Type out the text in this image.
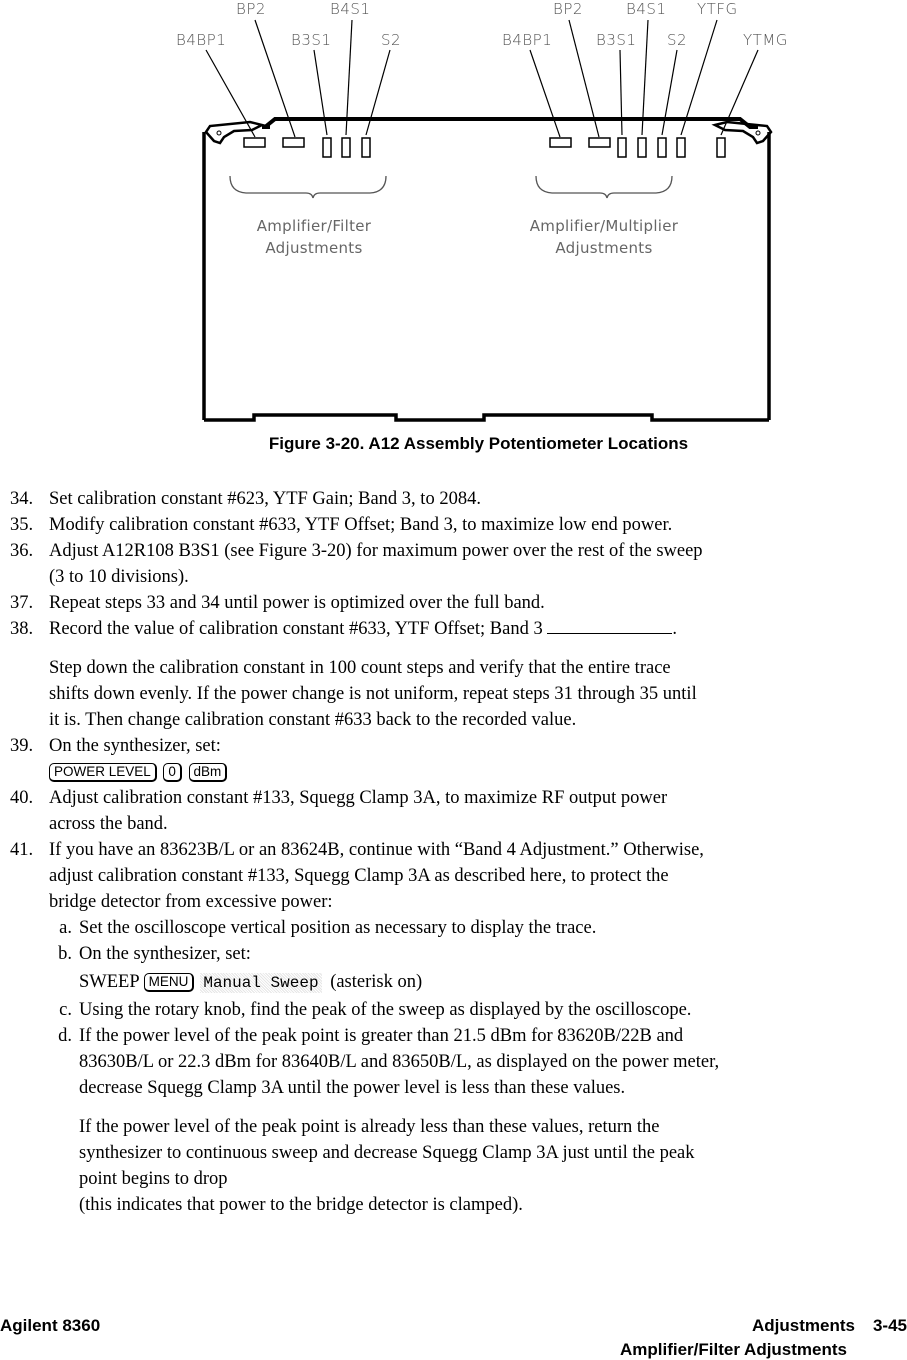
BP2	B4S1
B4BP1	B3S1	S2
BP2	B4S1 YTFG
B4BP1	B3S1 S2	YTMG
Amplifier/Filter
Adjustments
Amplifier/Multiplier
Adjustments
Figure 3-20. A12 Assembly Potentiometer Locations
34. Set calibration constant #623, YTF Gain; Band 3, to 2084.
35. Modify calibration constant #633, YTF Offset; Band 3, to maximize low end power.
36. Adjust A12R108 B3S1 (see Figure 3-20) for maximum power over the rest of the sweep
(3 to 10 divisions).
37. Repeat steps 33 and 34 until power is optimized over the full band.
38. Record the value of calibration constant #633, YTF Offset; Band 3	.
Step down the calibration constant in 100 count steps and verify that the entire trace
shifts down evenly. If the power change is not uniform, repeat steps 31 through 35 until
it is. Then change calibration constant #633 back to the recorded value.
39. On the synthesizer, set:
POWER LEVEL 0 dBm
40. Adjust calibration constant #133, Squegg Clamp 3A, to maximize RF output power
across the band.
41. If you have an 83623B/L or an 83624B, continue with “Band 4 Adjustment.” Otherwise,
adjust calibration constant #133, Squegg Clamp 3A as described here, to protect the
bridge detector from excessive power:
a. Set the oscilloscope vertical position as necessary to display the trace.
b. On the synthesizer, set:
SWEEP MENU Manual Sweep (asterisk on)
c. Using the rotary knob, find the peak of the sweep as displayed by the oscilloscope.
d. If the power level of the peak point is greater than 21.5 dBm for 83620B/22B and
83630B/L or 22.3 dBm for 83640B/L and 83650B/L, as displayed on the power meter,
decrease Squegg Clamp 3A until the power level is less than these values.
If the power level of the peak point is already less than these values, return the
synthesizer to continuous sweep and decrease Squegg Clamp 3A just until the peak
point begins to drop
(this indicates that power to the bridge detector is clamped).
Agilent 8360	Adjustments 3-45
Amplifier/Filter Adjustments
